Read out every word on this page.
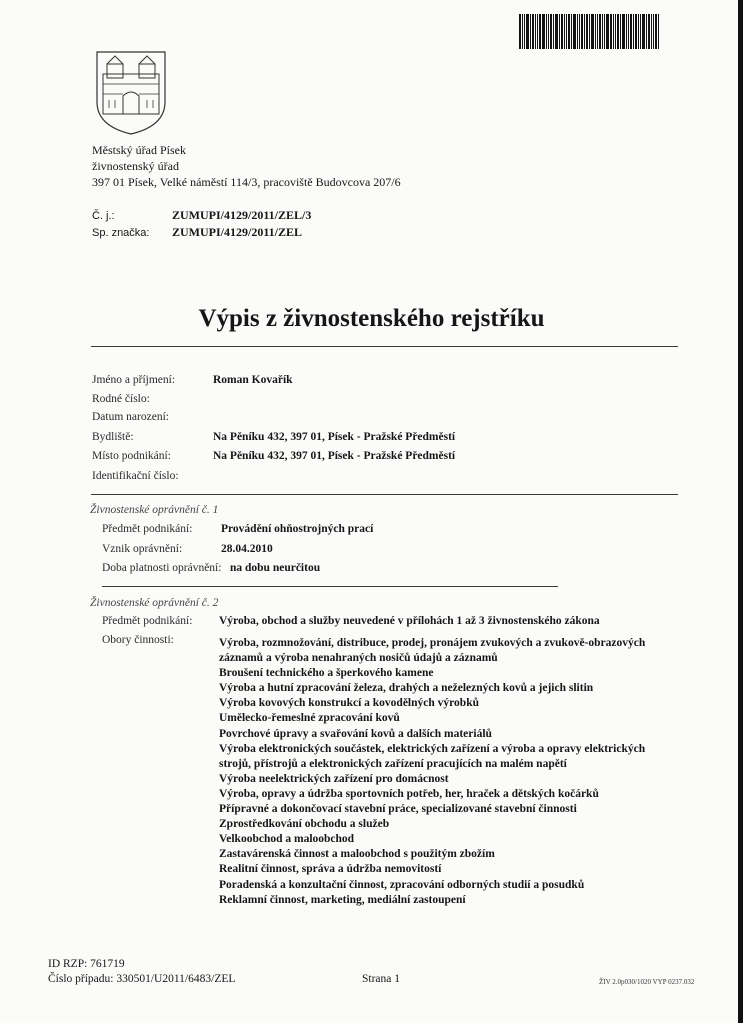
Městský úřad Písek
živnostenský úřad
397 01 Písek, Velké náměstí 114/3, pracoviště Budovcova 207/6
Č. j.:	ZUMUPI/4129/2011/ZEL/3
Sp. značka: ZUMUPI/4129/2011/ZEL
Výpis z živnostenského rejstříku
Jméno a příjmení:	Roman Kovařík
Rodné číslo:
Datum narození:
Bydliště:	Na Pěníku 432, 397 01, Písek - Pražské Předměstí
Místo podnikání:	Na Pěníku 432, 397 01, Písek - Pražské Předměstí
Identifikační číslo:
Živnostenské oprávnění č. 1
Předmět podnikání: Provádění ohňostrojných prací
Vznik oprávnění:	28.04.2010
Doba platnosti oprávnění: na dobu neurčitou
Živnostenské oprávnění č. 2
Předmět podnikání: Výroba, obchod a služby neuvedené v přílohách 1 až 3 živnostenského zákona
Obory činnosti:	Výroba, rozmnožování, distribuce, prodej, pronájem zvukových a zvukově-obrazových
záznamů a výroba nenahraných nosičů údajů a záznamů
Broušení technického a šperkového kamene
Výroba a hutní zpracování železa, drahých a neželezných kovů a jejich slitin
Výroba kovových konstrukcí a kovodělných výrobků
Umělecko-řemeslné zpracování kovů
Povrchové úpravy a svařování kovů a dalších materiálů
Výroba elektronických součástek, elektrických zařízení a výroba a opravy elektrických
strojů, přístrojů a elektronických zařízení pracujících na malém napětí
Výroba neelektrických zařízení pro domácnost
Výroba, opravy a údržba sportovních potřeb, her, hraček a dětských kočárků
Přípravné a dokončovací stavební práce, specializované stavební činnosti
Zprostředkování obchodu a služeb
Velkoobchod a maloobchod
Zastavárenská činnost a maloobchod s použitým zbožím
Realitní činnost, správa a údržba nemovitostí
Poradenská a konzultační činnost, zpracování odborných studií a posudků
Reklamní činnost, marketing, mediální zastoupení
ID RZP: 761719
Číslo případu: 330501/U2011/6483/ZEL	Strana 1	ŽIV 2.0p030/1020 VYP 0237.032
